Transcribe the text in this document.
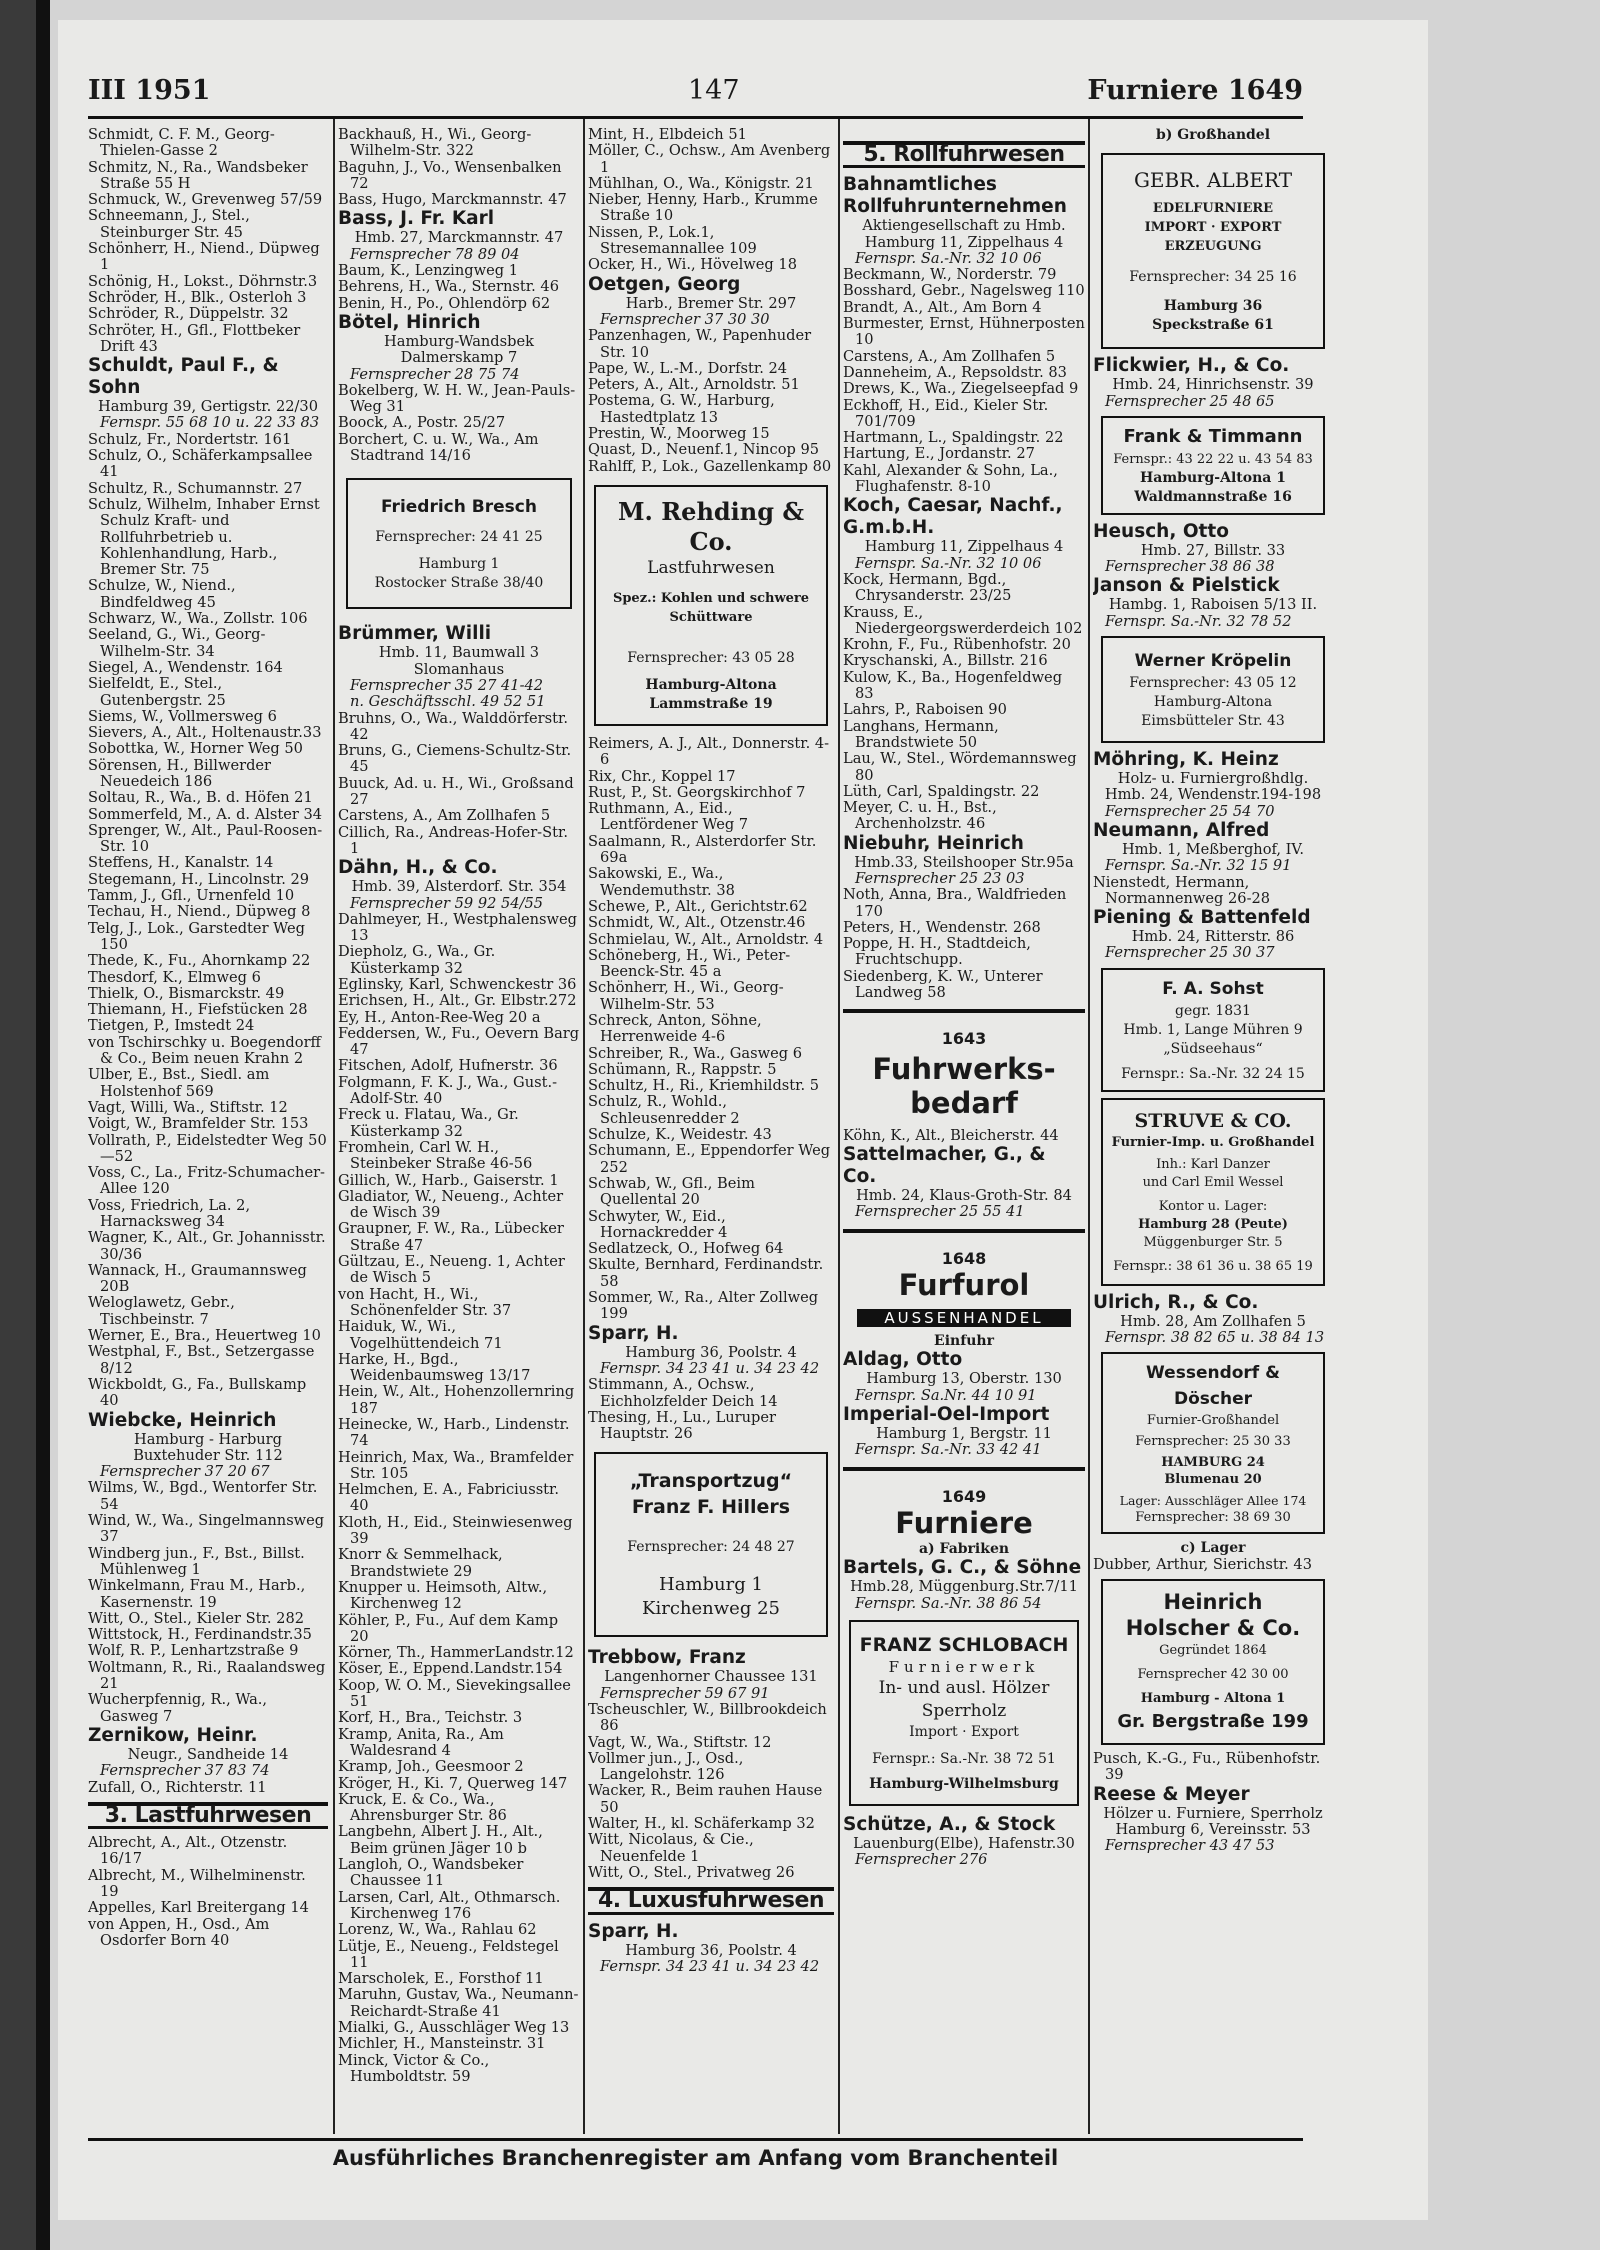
III 1951	147	Furniere 1649

Schmidt, C. F. M., Georg-Thielen-Gasse 2

Schmitz, N., Ra., Wandsbeker Straße 55 H

Schmuck, W., Grevenweg 57/59

Schneemann, J., Stel., Steinburger Str. 45

Schönherr, H., Niend., Düpweg 1

Schönig, H., Lokst., Döhrnstr.3

Schröder, H., Blk., Osterloh 3

Schröder, R., Düppelstr. 32

Schröter, H., Gfl., Flottbeker Drift 43

Schuldt, Paul F., & Sohn
Hamburg 39, Gertigstr. 22/30
Fernspr. 55 68 10 u. 22 33 83

Schulz, Fr., Nordertstr. 161

Schulz, O., Schäferkampsallee 41

Schultz, R., Schumannstr. 27

Schulz, Wilhelm, Inhaber Ernst Schulz Kraft- und Rollfuhrbetrieb u. Kohlenhandlung, Harb., Bremer Str. 75

Schulze, W., Niend., Bindfeldweg 45

Schwarz, W., Wa., Zollstr. 106

Seeland, G., Wi., Georg-Wilhelm-Str. 34

Siegel, A., Wendenstr. 164

Sielfeldt, E., Stel., Gutenbergstr. 25

Siems, W., Vollmersweg 6

Sievers, A., Alt., Holtenaustr.33

Sobottka, W., Horner Weg 50

Sörensen, H., Billwerder Neuedeich 186

Soltau, R., Wa., B. d. Höfen 21

Sommerfeld, M., A. d. Alster 34

Sprenger, W., Alt., Paul-Roosen-Str. 10

Steffens, H., Kanalstr. 14

Stegemann, H., Lincolnstr. 29

Tamm, J., Gfl., Urnenfeld 10

Techau, H., Niend., Düpweg 8

Telg, J., Lok., Garstedter Weg 150

Thede, K., Fu., Ahornkamp 22

Thesdorf, K., Elmweg 6

Thielk, O., Bismarckstr. 49

Thiemann, H., Fiefstücken 28

Tietgen, P., Imstedt 24

von Tschirschky u. Boegendorff & Co., Beim neuen Krahn 2

Ulber, E., Bst., Siedl. am Holstenhof 569

Vagt, Willi, Wa., Stiftstr. 12

Voigt, W., Bramfelder Str. 153

Vollrath, P., Eidelstedter Weg 50—52

Voss, C., La., Fritz-Schumacher-Allee 120

Voss, Friedrich, La. 2, Harnacksweg 34

Wagner, K., Alt., Gr. Johannisstr. 30/36

Wannack, H., Graumannsweg 20B

Weloglawetz, Gebr., Tischbeinstr. 7

Werner, E., Bra., Heuertweg 10

Westphal, F., Bst., Setzergasse 8/12

Wickboldt, G., Fa., Bullskamp 40

Wiebcke, Heinrich
Hamburg - Harburg
Buxtehuder Str. 112
Fernsprecher 37 20 67

Wilms, W., Bgd., Wentorfer Str. 54

Wind, W., Wa., Singelmannsweg 37

Windberg jun., F., Bst., Billst. Mühlenweg 1

Winkelmann, Frau M., Harb., Kasernenstr. 19

Witt, O., Stel., Kieler Str. 282

Wittstock, H., Ferdinandstr.35

Wolf, R. P., Lenhartzstraße 9

Woltmann, R., Ri., Raalandsweg 21

Wucherpfennig, R., Wa., Gasweg 7

Zernikow, Heinr.
Neugr., Sandheide 14
Fernsprecher 37 83 74

Zufall, O., Richterstr. 11

3. Lastfuhrwesen

Albrecht, A., Alt., Otzenstr. 16/17

Albrecht, M., Wilhelminenstr. 19

Appelles, Karl Breitergang 14

von Appen, H., Osd., Am Osdorfer Born 40

Backhauß, H., Wi., Georg-Wilhelm-Str. 322

Baguhn, J., Vo., Wensenbalken 72

Bass, Hugo, Marckmannstr. 47

Bass, J. Fr. Karl
Hmb. 27, Marckmannstr. 47
Fernsprecher 78 89 04

Baum, K., Lenzingweg 1

Behrens, H., Wa., Sternstr. 46

Benin, H., Po., Ohlendörp 62

Bötel, Hinrich
Hamburg-Wandsbek
Dalmerskamp 7
Fernsprecher 28 75 74

Bokelberg, W. H. W., Jean-Pauls-Weg 31

Boock, A., Postr. 25/27

Borchert, C. u. W., Wa., Am Stadtrand 14/16

Friedrich Bresch
Fernsprecher: 24 41 25
Hamburg 1
Rostocker Straße 38/40
Brümmer, Willi
Hmb. 11, Baumwall 3
Slomanhaus
Fernsprecher 35 27 41-42
n. Geschäftsschl. 49 52 51

Bruhns, O., Wa., Walddörferstr. 42

Bruns, G., Ciemens-Schultz-Str. 45

Buuck, Ad. u. H., Wi., Großsand 27

Carstens, A., Am Zollhafen 5

Cillich, Ra., Andreas-Hofer-Str. 1

Dähn, H., & Co.
Hmb. 39, Alsterdorf. Str. 354
Fernsprecher 59 92 54/55

Dahlmeyer, H., Westphalensweg 13

Diepholz, G., Wa., Gr. Küsterkamp 32

Eglinsky, Karl, Schwenckestr 36

Erichsen, H., Alt., Gr. Elbstr.272

Ey, H., Anton-Ree-Weg 20 a

Feddersen, W., Fu., Oevern Barg 47

Fitschen, Adolf, Hufnerstr. 36

Folgmann, F. K. J., Wa., Gust.-Adolf-Str. 40

Freck u. Flatau, Wa., Gr. Küsterkamp 32

Fromhein, Carl W. H., Steinbeker Straße 46-56

Gillich, W., Harb., Gaiserstr. 1

Gladiator, W., Neueng., Achter de Wisch 39

Graupner, F. W., Ra., Lübecker Straße 47

Gültzau, E., Neueng. 1, Achter de Wisch 5

von Hacht, H., Wi., Schönenfelder Str. 37

Haiduk, W., Wi., Vogelhüttendeich 71

Harke, H., Bgd., Weidenbaumsweg 13/17

Hein, W., Alt., Hohenzollernring 187

Heinecke, W., Harb., Lindenstr. 74

Heinrich, Max, Wa., Bramfelder Str. 105

Helmchen, E. A., Fabriciusstr. 40

Kloth, H., Eid., Steinwiesenweg 39

Knorr & Semmelhack, Brandstwiete 29

Knupper u. Heimsoth, Altw., Kirchenweg 12

Köhler, P., Fu., Auf dem Kamp 20

Körner, Th., HammerLandstr.12

Köser, E., Eppend.Landstr.154

Koop, W. O. M., Sievekingsallee 51

Korf, H., Bra., Teichstr. 3

Kramp, Anita, Ra., Am Waldesrand 4

Kramp, Joh., Geesmoor 2

Kröger, H., Ki. 7, Querweg 147

Kruck, E. & Co., Wa., Ahrensburger Str. 86

Langbehn, Albert J. H., Alt., Beim grünen Jäger 10 b

Langloh, O., Wandsbeker Chaussee 11

Larsen, Carl, Alt., Othmarsch. Kirchenweg 176

Lorenz, W., Wa., Rahlau 62

Lütje, E., Neueng., Feldstegel 11

Marscholek, E., Forsthof 11

Maruhn, Gustav, Wa., Neumann-Reichardt-Straße 41

Mialki, G., Ausschläger Weg 13

Michler, H., Mansteinstr. 31

Minck, Victor & Co., Humboldtstr. 59

Mint, H., Elbdeich 51

Möller, C., Ochsw., Am Avenberg 1

Mühlhan, O., Wa., Königstr. 21

Nieber, Henny, Harb., Krumme Straße 10

Nissen, P., Lok.1, Stresemannallee 109

Ocker, H., Wi., Hövelweg 18

Oetgen, Georg
Harb., Bremer Str. 297
Fernsprecher 37 30 30

Panzenhagen, W., Papenhuder Str. 10

Pape, W., L.-M., Dorfstr. 24

Peters, A., Alt., Arnoldstr. 51

Postema, G. W., Harburg, Hastedtplatz 13

Prestin, W., Moorweg 15

Quast, D., Neuenf.1, Nincop 95

Rahlff, P., Lok., Gazellenkamp 80

M. Rehding & Co.
Lastfuhrwesen
Spez.: Kohlen und schwere Schüttware
Fernsprecher: 43 05 28
Hamburg-Altona
Lammstraße 19

Reimers, A. J., Alt., Donnerstr. 4-6

Rix, Chr., Koppel 17

Rust, P., St. Georgskirchhof 7

Ruthmann, A., Eid., Lentfördener Weg 7

Saalmann, R., Alsterdorfer Str. 69a

Sakowski, E., Wa., Wendemuthstr. 38

Schewe, P., Alt., Gerichtstr.62

Schmidt, W., Alt., Otzenstr.46

Schmielau, W., Alt., Arnoldstr. 4

Schöneberg, H., Wi., Peter-Beenck-Str. 45 a

Schönherr, H., Wi., Georg-Wilhelm-Str. 53

Schreck, Anton, Söhne, Herrenweide 4-6

Schreiber, R., Wa., Gasweg 6

Schümann, R., Rappstr. 5

Schultz, H., Ri., Kriemhildstr. 5

Schulz, R., Wohld., Schleusenredder 2

Schulze, K., Weidestr. 43

Schumann, E., Eppendorfer Weg 252

Schwab, W., Gfl., Beim Quellental 20

Schwyter, W., Eid., Hornackredder 4

Sedlatzeck, O., Hofweg 64

Skulte, Bernhard, Ferdinandstr. 58

Sommer, W., Ra., Alter Zollweg 199

Sparr, H.
Hamburg 36, Poolstr. 4
Fernspr. 34 23 41 u. 34 23 42

Stimmann, A., Ochsw., Eichholzfelder Deich 14

Thesing, H., Lu., Luruper Hauptstr. 26

„Transportzug“
Franz F. Hillers
Fernsprecher: 24 48 27
Hamburg 1
Kirchenweg 25
Trebbow, Franz
Langenhorner Chaussee 131
Fernsprecher 59 67 91

Tscheuschler, W., Billbrookdeich 86

Vagt, W., Wa., Stiftstr. 12

Vollmer jun., J., Osd., Langelohstr. 126

Wacker, R., Beim rauhen Hause 50

Walter, H., kl. Schäferkamp 32

Witt, Nicolaus, & Cie., Neuenfelde 1

Witt, O., Stel., Privatweg 26

4. Luxusfuhrwesen
Sparr, H.
Hamburg 36, Poolstr. 4
Fernspr. 34 23 41 u. 34 23 42
5. Rollfuhrwesen
Bahnamtliches Rollfuhrunternehmen
Aktiengesellschaft zu Hmb.
Hamburg 11, Zippelhaus 4
Fernspr. Sa.-Nr. 32 10 06

Beckmann, W., Norderstr. 79

Bosshard, Gebr., Nagelsweg 110

Brandt, A., Alt., Am Born 4

Burmester, Ernst, Hühnerposten 10

Carstens, A., Am Zollhafen 5

Danneheim, A., Repsoldstr. 83

Drews, K., Wa., Ziegelseepfad 9

Eckhoff, H., Eid., Kieler Str. 701/709

Hartmann, L., Spaldingstr. 22

Hartung, E., Jordanstr. 27

Kahl, Alexander & Sohn, La., Flughafenstr. 8-10

Koch, Caesar, Nachf., G.m.b.H.
Hamburg 11, Zippelhaus 4
Fernspr. Sa.-Nr. 32 10 06

Kock, Hermann, Bgd., Chrysanderstr. 23/25

Krauss, E., Niedergeorgswerderdeich 102

Krohn, F., Fu., Rübenhofstr. 20

Kryschanski, A., Billstr. 216

Kulow, K., Ba., Hogenfeldweg 83

Lahrs, P., Raboisen 90

Langhans, Hermann, Brandstwiete 50

Lau, W., Stel., Wördemannsweg 80

Lüth, Carl, Spaldingstr. 22

Meyer, C. u. H., Bst., Archenholzstr. 46

Niebuhr, Heinrich
Hmb.33, Steilshooper Str.95a
Fernsprecher 25 23 03

Noth, Anna, Bra., Waldfrieden 170

Peters, H., Wendenstr. 268

Poppe, H. H., Stadtdeich, Fruchtschupp.

Siedenberg, K. W., Unterer Landweg 58

1643
Fuhrwerks-
bedarf

Köhn, K., Alt., Bleicherstr. 44

Sattelmacher, G., & Co.
Hmb. 24, Klaus-Groth-Str. 84
Fernsprecher 25 55 41
1648
Furfurol
AUSSENHANDEL
Einfuhr
Aldag, Otto
Hamburg 13, Oberstr. 130
Fernspr. Sa.Nr. 44 10 91
Imperial-Oel-Import
Hamburg 1, Bergstr. 11
Fernspr. Sa.-Nr. 33 42 41
1649
Furniere
a) Fabriken
Bartels, G. C., & Söhne
Hmb.28, Müggenburg.Str.7/11
Fernspr. Sa.-Nr. 38 86 54
FRANZ SCHLOBACH
Furnierwerk
In- und ausl. Hölzer
Sperrholz
Import · Export
Fernspr.: Sa.-Nr. 38 72 51
Hamburg-Wilhelmsburg
Schütze, A., & Stock
Lauenburg(Elbe), Hafenstr.30
Fernsprecher 276
b) Großhandel
GEBR. ALBERT
EDELFURNIERE
IMPORT · EXPORT
ERZEUGUNG
Fernsprecher: 34 25 16
Hamburg 36
Speckstraße 61
Flickwier, H., & Co.
Hmb. 24, Hinrichsenstr. 39
Fernsprecher 25 48 65
Frank & Timmann
Fernspr.: 43 22 22 u. 43 54 83
Hamburg-Altona 1
Waldmannstraße 16
Heusch, Otto
Hmb. 27, Billstr. 33
Fernsprecher 38 86 38
Janson & Pielstick
Hambg. 1, Raboisen 5/13 II.
Fernspr. Sa.-Nr. 32 78 52
Werner Kröpelin
Fernsprecher: 43 05 12
Hamburg-Altona
Eimsbütteler Str. 43
Möhring, K. Heinz
Holz- u. Furniergroßhdlg.
Hmb. 24, Wendenstr.194-198
Fernsprecher 25 54 70
Neumann, Alfred
Hmb. 1, Meßberghof, IV.
Fernspr. Sa.-Nr. 32 15 91

Nienstedt, Hermann, Normannenweg 26-28

Piening & Battenfeld
Hmb. 24, Ritterstr. 86
Fernsprecher 25 30 37
F. A. Sohst
gegr. 1831
Hmb. 1, Lange Mühren 9
„Südseehaus“
Fernspr.: Sa.-Nr. 32 24 15
STRUVE & CO.
Furnier-Imp. u. Großhandel
Inh.: Karl Danzer
und Carl Emil Wessel
Kontor u. Lager:
Hamburg 28 (Peute)
Müggenburger Str. 5
Fernspr.: 38 61 36 u. 38 65 19
Ulrich, R., & Co.
Hmb. 28, Am Zollhafen 5
Fernspr. 38 82 65 u. 38 84 13
Wessendorf & Döscher
Furnier-Großhandel
Fernsprecher: 25 30 33
HAMBURG 24
Blumenau 20
Lager: Ausschläger Allee 174
Fernsprecher: 38 69 30
c) Lager

Dubber, Arthur, Sierichstr. 43

Heinrich
Holscher & Co.
Gegründet 1864
Fernsprecher 42 30 00
Hamburg - Altona 1
Gr. Bergstraße 199

Pusch, K.-G., Fu., Rübenhofstr. 39

Reese & Meyer
Hölzer u. Furniere, Sperrholz
Hamburg 6, Vereinsstr. 53
Fernsprecher 43 47 53
Ausführliches Branchenregister am Anfang vom Branchenteil
